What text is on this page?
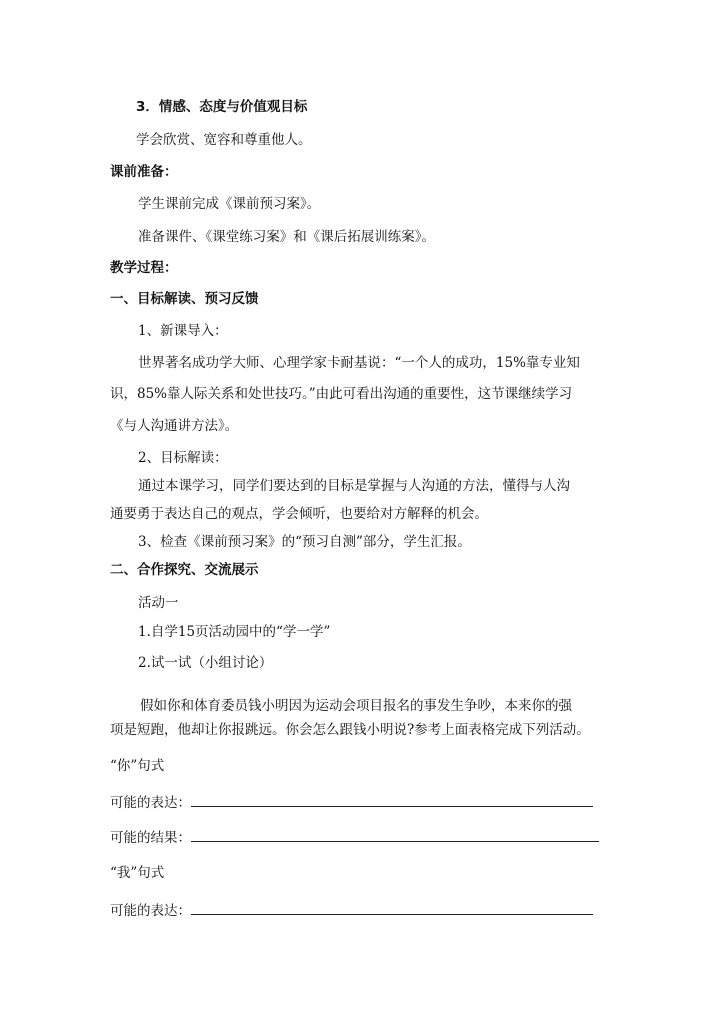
3．情感、态度与价值观目标
学会欣赏、宽容和尊重他人。
课前准备：
学生课前完成《课前预习案》。
准备课件、《课堂练习案》和《课后拓展训练案》。
教学过程：
一、目标解读、预习反馈
1、新课导入：
世界著名成功学大师、心理学家卡耐基说：“一个人的成功，15%靠专业知
识，85%靠人际关系和处世技巧。”由此可看出沟通的重要性，这节课继续学习
《与人沟通讲方法》。
2、目标解读：
通过本课学习，同学们要达到的目标是掌握与人沟通的方法，懂得与人沟
通要勇于表达自己的观点，学会倾听，也要给对方解释的机会。
3、检查《课前预习案》的“预习自测”部分，学生汇报。
二、合作探究、交流展示
活动一
1.自学15页活动园中的“学一学”
2.试一试（小组讨论）
假如你和体育委员钱小明因为运动会项目报名的事发生争吵，本来你的强
项是短跑，他却让你报跳远。你会怎么跟钱小明说?参考上面表格完成下列活动。
“你”句式
可能的表达：
可能的结果：
“我”句式
可能的表达：
